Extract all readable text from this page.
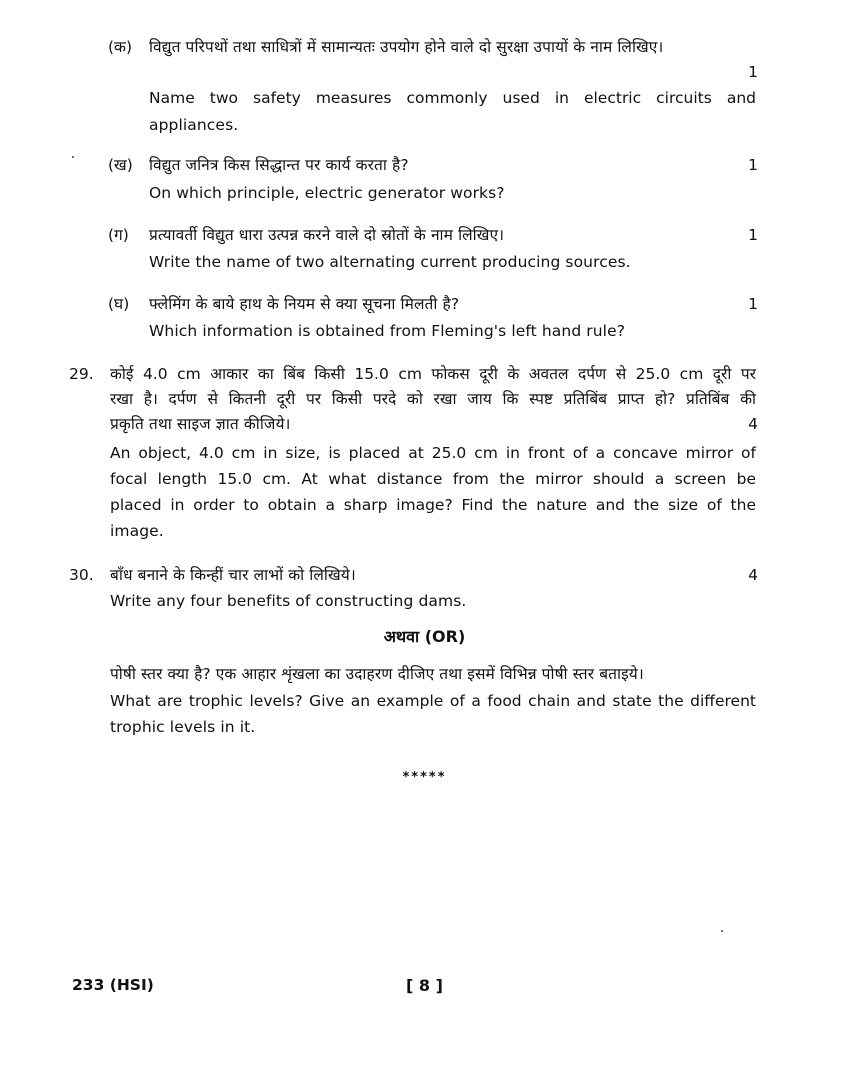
(क) विद्युत परिपथों तथा साधित्रों में सामान्यतः उपयोग होने वाले दो सुरक्षा उपायों के नाम लिखिए।
1
Name two safety measures commonly used in electric circuits and
appliances.
(ख) विद्युत जनित्र किस सिद्धान्त पर कार्य करता है?	1
On which principle, electric generator works?
(ग) प्रत्यावर्ती विद्युत धारा उत्पन्न करने वाले दो स्रोतों के नाम लिखिए।	1
Write the name of two alternating current producing sources.
(घ) फ्लेमिंग के बाये हाथ के नियम से क्या सूचना मिलती है?	1
Which information is obtained from Fleming's left hand rule?
29. कोई 4.0 cm आकार का बिंब किसी 15.0 cm फोकस दूरी के अवतल दर्पण से 25.0 cm दूरी पर
रखा है। दर्पण से कितनी दूरी पर किसी परदे को रखा जाय कि स्पष्ट प्रतिबिंब प्राप्त हो? प्रतिबिंब की
प्रकृति तथा साइज ज्ञात कीजिये।	4
An object, 4.0 cm in size, is placed at 25.0 cm in front of a concave mirror of
focal length 15.0 cm. At what distance from the mirror should a screen be
placed in order to obtain a sharp image? Find the nature and the size of the
image.
30. बाँध बनाने के किन्हीं चार लाभों को लिखिये।	4
Write any four benefits of constructing dams.
अथवा (OR)
पोषी स्तर क्या है? एक आहार शृंखला का उदाहरण दीजिए तथा इसमें विभिन्न पोषी स्तर बताइये।
What are trophic levels? Give an example of a food chain and state the different
trophic levels in it.
*****
233 (HSI)	[ 8 ]
